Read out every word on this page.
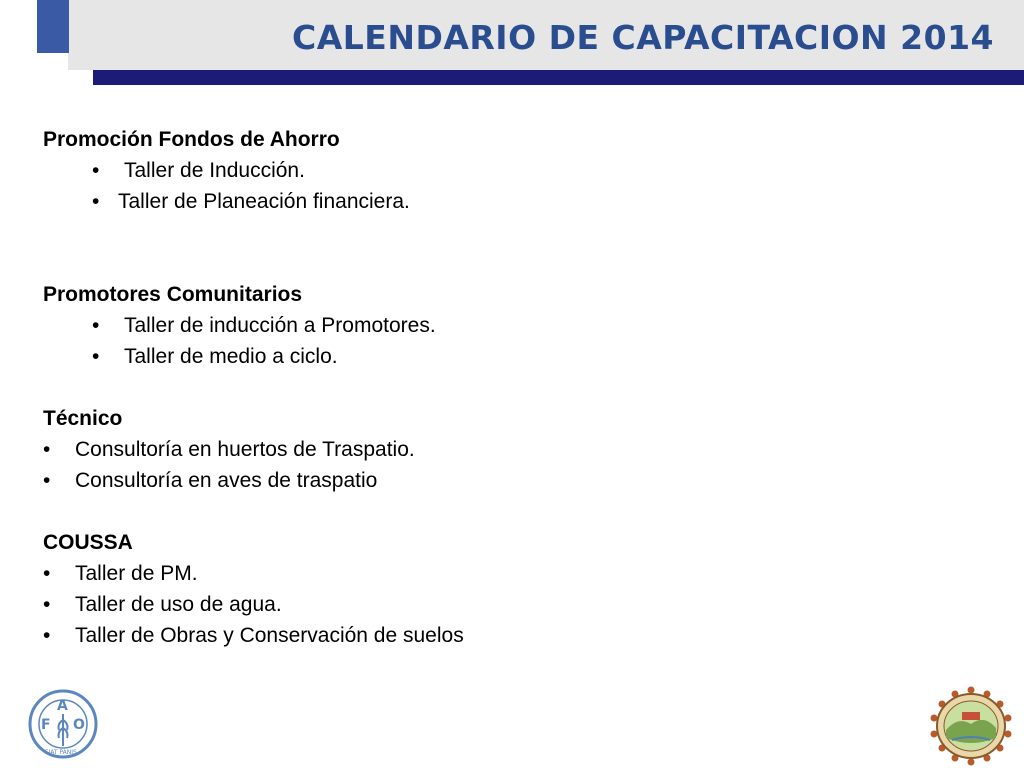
CALENDARIO DE CAPACITACION 2014
Promoción Fondos de Ahorro
• Taller de Inducción.
• Taller de Planeación financiera.
Promotores Comunitarios
• Taller de inducción a Promotores.
• Taller de medio a ciclo.
Técnico
• Consultoría en huertos de Traspatio.
• Consultoría en aves de traspatio
COUSSA
• Taller de PM.
• Taller de uso de agua.
• Taller de Obras y Conservación de suelos
F
A
O
FIAT PANIS
